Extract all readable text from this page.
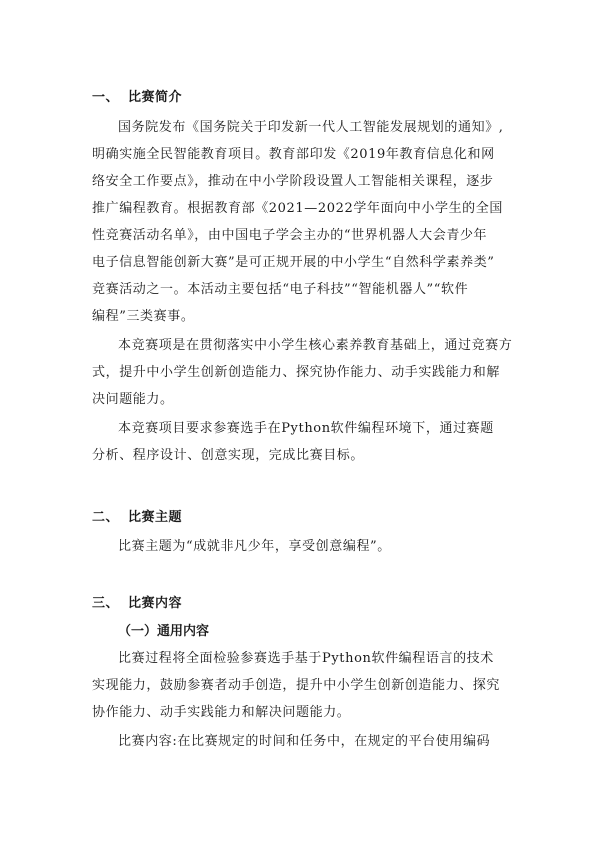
一、 比赛简介
国务院发布《国务院关于印发新一代人工智能发展规划的通知》,
明确实施全民智能教育项目。教育部印发《2019年教育信息化和网
络安全工作要点》，推动在中小学阶段设置人工智能相关课程，逐步
推广编程教育。根据教育部《2021—2022学年面向中小学生的全国
性竞赛活动名单》，由中国电子学会主办的“世界机器人大会青少年
电子信息智能创新大赛”是可正规开展的中小学生“自然科学素养类”
竞赛活动之一。本活动主要包括“电子科技”“智能机器人”“软件
编程”三类赛事。
本竞赛项是在贯彻落实中小学生核心素养教育基础上，通过竞赛方
式，提升中小学生创新创造能力、探究协作能力、动手实践能力和解
决问题能力。
本竞赛项目要求参赛选手在Python软件编程环境下，通过赛题
分析、程序设计、创意实现，完成比赛目标。
二、 比赛主题
比赛主题为“成就非凡少年，享受创意编程”。
三、 比赛内容
（一）通用内容
比赛过程将全面检验参赛选手基于Python软件编程语言的技术
实现能力，鼓励参赛者动手创造，提升中小学生创新创造能力、探究
协作能力、动手实践能力和解决问题能力。
比赛内容:在比赛规定的时间和任务中，在规定的平台使用编码
